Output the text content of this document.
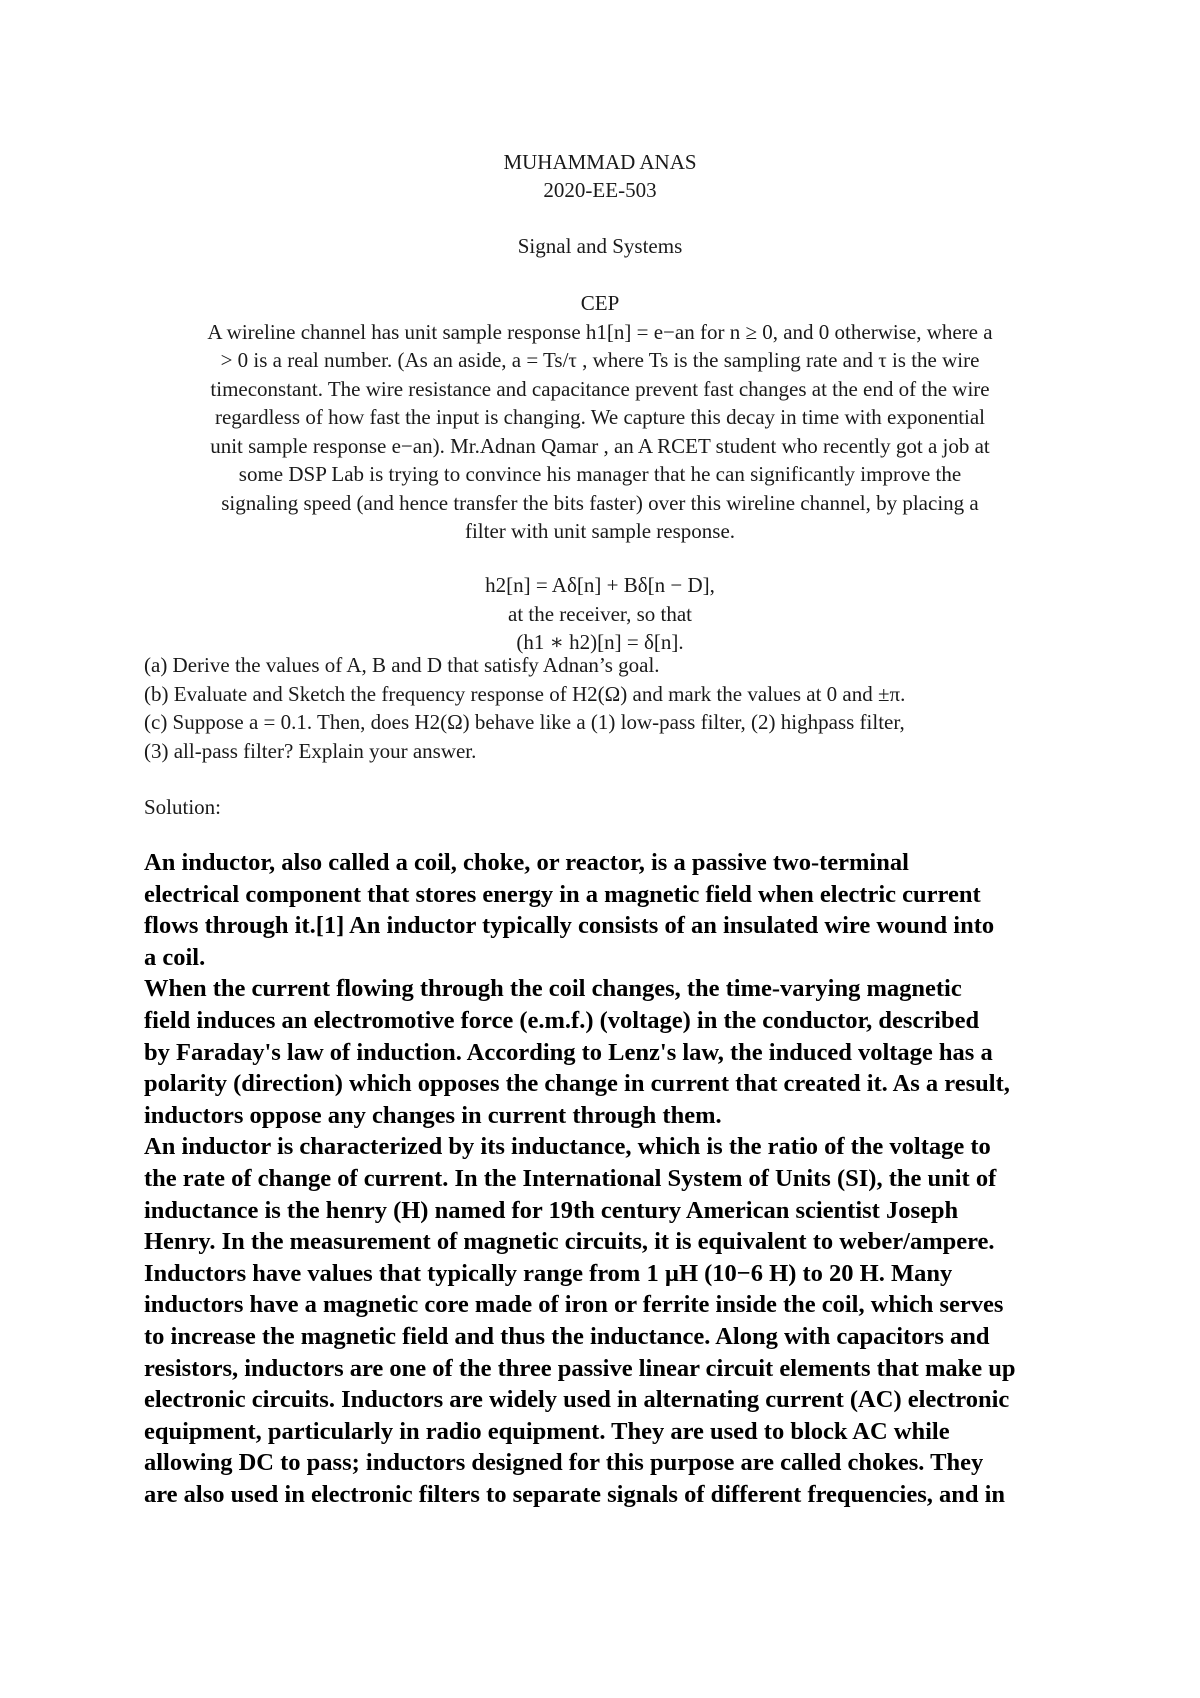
MUHAMMAD ANAS
2020-EE-503
Signal and Systems
CEP
A wireline channel has unit sample response h1[n] = e−an for n ≥ 0, and 0 otherwise, where a
> 0 is a real number. (As an aside, a = Ts/τ , where Ts is the sampling rate and τ is the wire
timeconstant. The wire resistance and capacitance prevent fast changes at the end of the wire
regardless of how fast the input is changing. We capture this decay in time with exponential
unit sample response e−an). Mr.Adnan Qamar , an A RCET student who recently got a job at
some DSP Lab is trying to convince his manager that he can significantly improve the
signaling speed (and hence transfer the bits faster) over this wireline channel, by placing a
filter with unit sample response.
h2[n] = Aδ[n] + Bδ[n − D],
at the receiver, so that
(h1 ∗ h2)[n] = δ[n].
(a) Derive the values of A, B and D that satisfy Adnan’s goal.
(b) Evaluate and Sketch the frequency response of H2(Ω) and mark the values at 0 and ±π.
(c) Suppose a = 0.1. Then, does H2(Ω) behave like a (1) low-pass filter, (2) highpass filter,
(3) all-pass filter? Explain your answer.
Solution:
An inductor, also called a coil, choke, or reactor, is a passive two-terminal
electrical component that stores energy in a magnetic field when electric current
flows through it.[1] An inductor typically consists of an insulated wire wound into
a coil.
When the current flowing through the coil changes, the time-varying magnetic
field induces an electromotive force (e.m.f.) (voltage) in the conductor, described
by Faraday's law of induction. According to Lenz's law, the induced voltage has a
polarity (direction) which opposes the change in current that created it. As a result,
inductors oppose any changes in current through them.
An inductor is characterized by its inductance, which is the ratio of the voltage to
the rate of change of current. In the International System of Units (SI), the unit of
inductance is the henry (H) named for 19th century American scientist Joseph
Henry. In the measurement of magnetic circuits, it is equivalent to weber/ampere.
Inductors have values that typically range from 1 µH (10−6 H) to 20 H. Many
inductors have a magnetic core made of iron or ferrite inside the coil, which serves
to increase the magnetic field and thus the inductance. Along with capacitors and
resistors, inductors are one of the three passive linear circuit elements that make up
electronic circuits. Inductors are widely used in alternating current (AC) electronic
equipment, particularly in radio equipment. They are used to block AC while
allowing DC to pass; inductors designed for this purpose are called chokes. They
are also used in electronic filters to separate signals of different frequencies, and in
